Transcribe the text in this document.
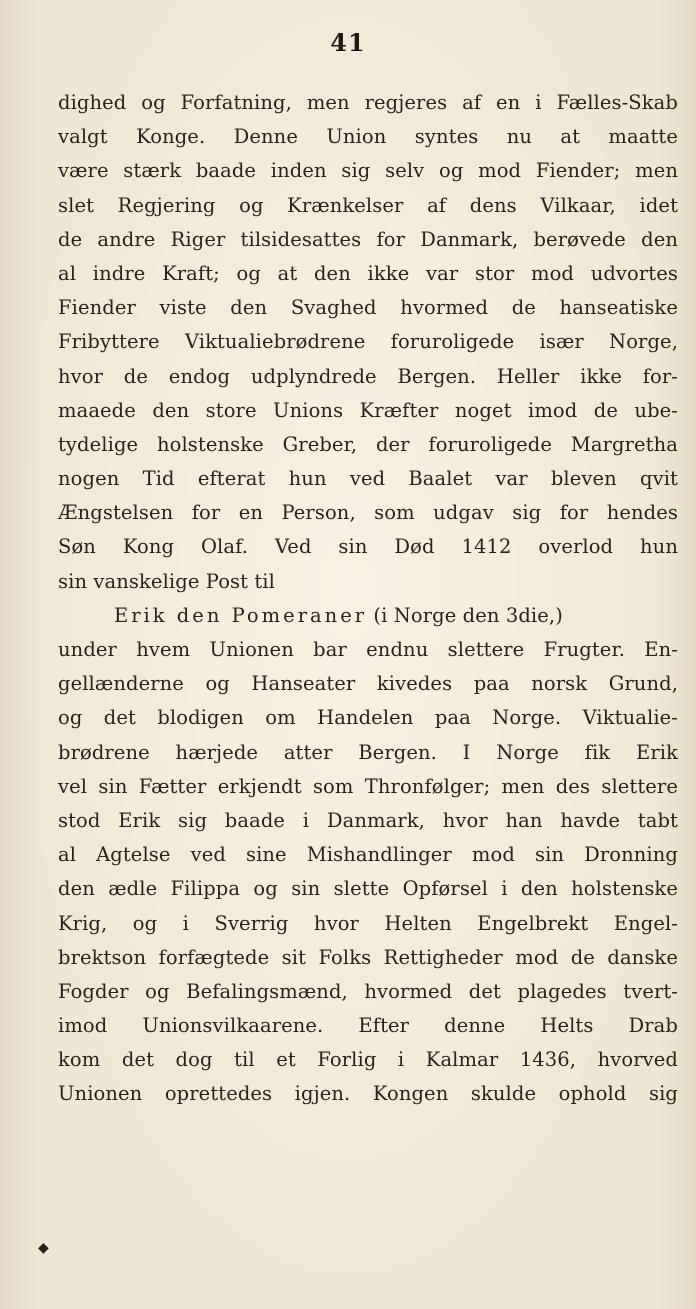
41
dighed og Forfatning, men regjeres af en i Fælles-Skab
valgt Konge. Denne Union syntes nu at maatte
være stærk baade inden sig selv og mod Fiender; men
slet Regjering og Krænkelser af dens Vilkaar, idet
de andre Riger tilsidesattes for Danmark, berøvede den
al indre Kraft; og at den ikke var stor mod udvortes
Fiender viste den Svaghed hvormed de hanseatiske
Fribyttere Viktualiebrødrene foruroligede især Norge,
hvor de endog udplyndrede Bergen. Heller ikke for-
maaede den store Unions Kræfter noget imod de ube-
tydelige holstenske Greber, der foruroligede Margretha
nogen Tid efterat hun ved Baalet var bleven qvit
Ængstelsen for en Person, som udgav sig for hendes
Søn Kong Olaf. Ved sin Død 1412 overlod hun
sin vanskelige Post til
Erik den Pomeraner (i Norge den 3die,)
under hvem Unionen bar endnu slettere Frugter. En-
gellænderne og Hanseater kivedes paa norsk Grund,
og det blodigen om Handelen paa Norge. Viktualie-
brødrene hærjede atter Bergen. I Norge fik Erik
vel sin Fætter erkjendt som Thronfølger; men des slettere
stod Erik sig baade i Danmark, hvor han havde tabt
al Agtelse ved sine Mishandlinger mod sin Dronning
den ædle Filippa og sin slette Opførsel i den holstenske
Krig, og i Sverrig hvor Helten Engelbrekt Engel-
brektson forfægtede sit Folks Rettigheder mod de danske
Fogder og Befalingsmænd, hvormed det plagedes tvert-
imod Unionsvilkaarene. Efter denne Helts Drab
kom det dog til et Forlig i Kalmar 1436, hvorved
Unionen oprettedes igjen. Kongen skulde ophold sig
◆
